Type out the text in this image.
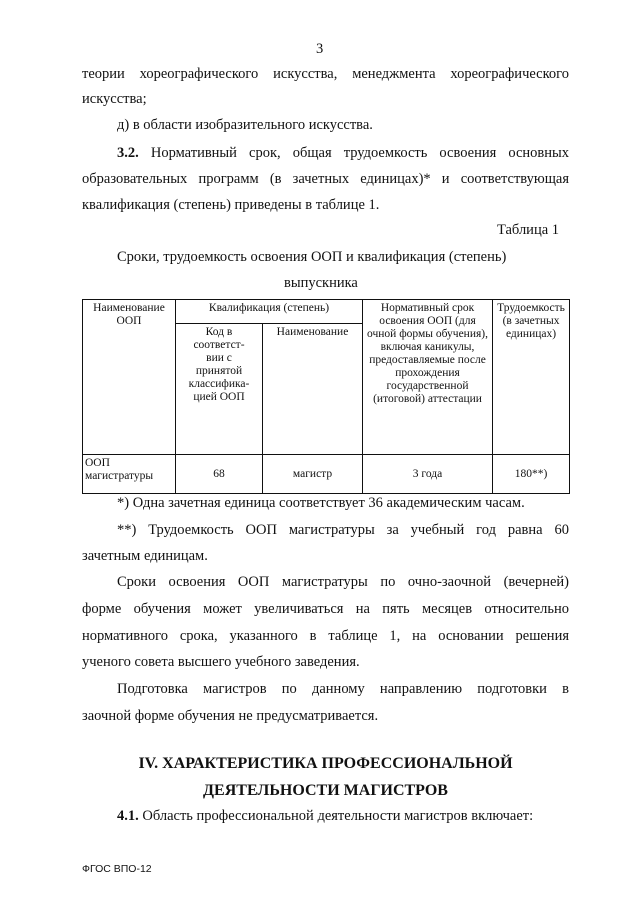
3
теории хореографического искусства, менеджмента хореографического
искусства;
д) в области изобразительного искусства.
3.2. Нормативный срок, общая трудоемкость освоения основных
образовательных программ (в зачетных единицах)* и соответствующая
квалификация (степень) приведены в таблице 1.
Таблица 1
Сроки, трудоемкость освоения ООП и квалификация (степень)
выпускника
Наименование ООП	Квалификация (степень)		Нормативный срок освоения ООП (для очной формы обучения), включая каникулы, предоставляемые после прохождения государственной (итоговой) аттестации	Трудоемкость (в зачетных единицах)
	Код в соответст-вии с принятой классифика-цией ООП	Наименование		
ООП магистратуры	68	магистр	3 года	180**)
*) Одна зачетная единица соответствует 36 академическим часам.
**) Трудоемкость ООП магистратуры за учебный год равна 60
зачетным единицам.
Сроки освоения ООП магистратуры по очно-заочной (вечерней)
форме обучения может увеличиваться на пять месяцев относительно
нормативного срока, указанного в таблице 1, на основании решения
ученого совета высшего учебного заведения.
Подготовка магистров по данному направлению подготовки в
заочной форме обучения не предусматривается.
IV. ХАРАКТЕРИСТИКА ПРОФЕССИОНАЛЬНОЙ
ДЕЯТЕЛЬНОСТИ МАГИСТРОВ
4.1. Область профессиональной деятельности магистров включает:
ФГОС ВПО-12
